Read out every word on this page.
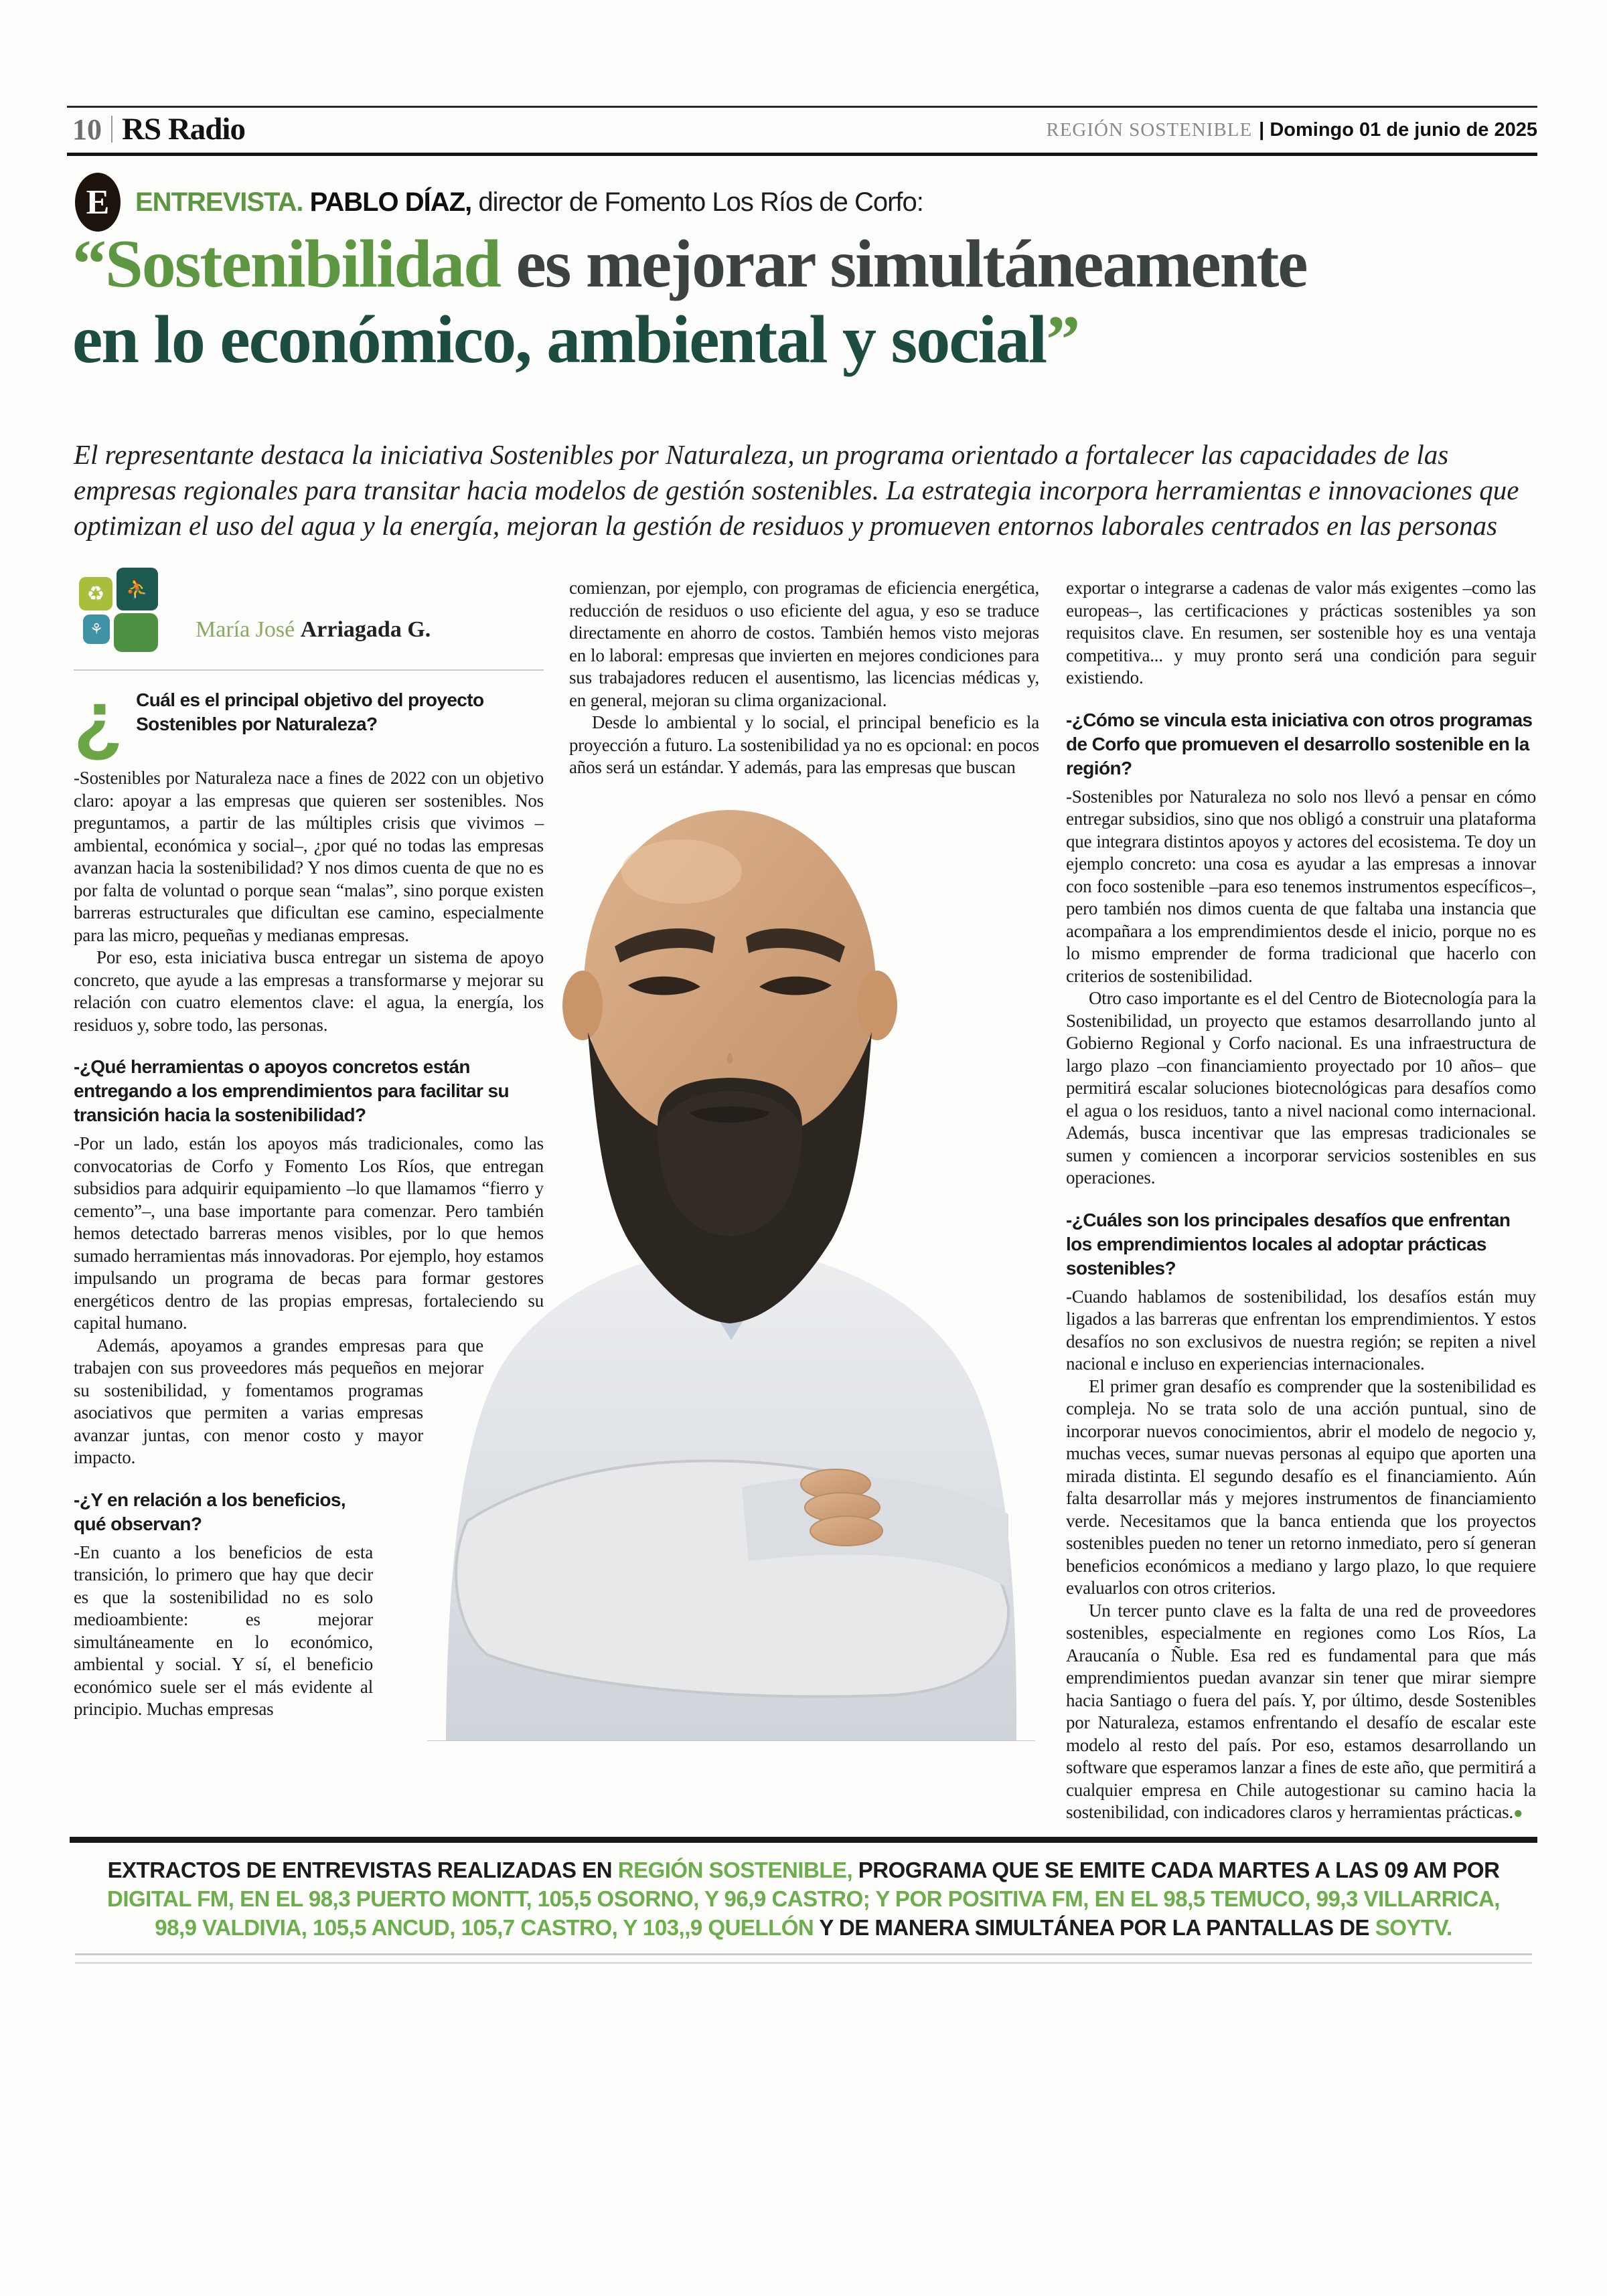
10 RS Radio	REGIÓN SOSTENIBLE | Domingo 01 de junio de 2025
E ENTREVISTA. PABLO DÍAZ, director de Fomento Los Ríos de Corfo:
“Sostenibilidad es mejorar simultáneamente
en lo económico, ambiental y social”

El representante destaca la iniciativa Sostenibles por Naturaleza, un programa orientado a fortalecer las capacidades de las empresas regionales para transitar hacia modelos de gestión sostenibles. La estrategia incorpora herramientas e innovaciones que optimizan el uso del agua y la energía, mejoran la gestión de residuos y promueven entornos laborales centrados en las personas

♻	⛹
⚘	María José Arriagada G.
¿ Cuál es el principal objetivo del proyecto Sostenibles por Naturaleza?

-Sostenibles por Naturaleza nace a fines de 2022 con un objetivo claro: apoyar a las empresas que quieren ser sostenibles. Nos preguntamos, a partir de las múltiples crisis que vivimos –ambiental, económica y social–, ¿por qué no todas las empresas avanzan hacia la sostenibilidad? Y nos dimos cuenta de que no es por falta de voluntad o porque sean “malas”, sino porque existen barreras estructurales que dificultan ese camino, especialmente para las micro, pequeñas y medianas empresas.

Por eso, esta iniciativa busca entregar un sistema de apoyo concreto, que ayude a las empresas a transformarse y mejorar su relación con cuatro elementos clave: el agua, la energía, los residuos y, sobre todo, las personas.

-¿Qué herramientas o apoyos concretos están entregando a los emprendimientos para facilitar su transición hacia la sostenibilidad?

-Por un lado, están los apoyos más tradicionales, como las convocatorias de Corfo y Fomento Los Ríos, que entregan subsidios para adquirir equipamiento –lo que llamamos “fierro y cemento”–, una base importante para comenzar. Pero también hemos detectado barreras menos visibles, por lo que hemos sumado herramientas más innovadoras. Por ejemplo, hoy estamos impulsando un programa de becas para formar gestores energéticos dentro de las propias empresas, fortaleciendo su capital humano.

Además, apoyamos a grandes empresas para que trabajen con sus proveedores más pequeños en mejorar su sostenibilidad, y fomentamos programas asociativos que permiten a varias empresas avanzar juntas, con menor costo y mayor impacto.

-¿Y en relación a los beneficios, qué observan?

-En cuanto a los beneficios de esta transición, lo primero que hay que decir es que la sostenibilidad no es solo medioambiente: es mejorar simultáneamente en lo económico, ambiental y social. Y sí, el beneficio económico suele ser el más evidente al principio. Muchas empresas

comienzan, por ejemplo, con programas de eficiencia energética, reducción de residuos o uso eficiente del agua, y eso se traduce directamente en ahorro de costos. También hemos visto mejoras en lo laboral: empresas que invierten en mejores condiciones para sus trabajadores reducen el ausentismo, las licencias médicas y, en general, mejoran su clima organizacional.

Desde lo ambiental y lo social, el principal beneficio es la proyección a futuro. La sostenibilidad ya no es opcional: en pocos años será un estándar. Y además, para las empresas que buscan

exportar o integrarse a cadenas de valor más exigentes –como las europeas–, las certificaciones y prácticas sostenibles ya son requisitos clave. En resumen, ser sostenible hoy es una ventaja competitiva... y muy pronto será una condición para seguir existiendo.

-¿Cómo se vincula esta iniciativa con otros programas de Corfo que promueven el desarrollo sostenible en la región?

-Sostenibles por Naturaleza no solo nos llevó a pensar en cómo entregar subsidios, sino que nos obligó a construir una plataforma que integrara distintos apoyos y actores del ecosistema. Te doy un ejemplo concreto: una cosa es ayudar a las empresas a innovar con foco sostenible –para eso tenemos instrumentos específicos–, pero también nos dimos cuenta de que faltaba una instancia que acompañara a los emprendimientos desde el inicio, porque no es lo mismo emprender de forma tradicional que hacerlo con criterios de sostenibilidad.

Otro caso importante es el del Centro de Biotecnología para la Sostenibilidad, un proyecto que estamos desarrollando junto al Gobierno Regional y Corfo nacional. Es una infraestructura de largo plazo –con financiamiento proyectado por 10 años– que permitirá escalar soluciones biotecnológicas para desafíos como el agua o los residuos, tanto a nivel nacional como internacional. Además, busca incentivar que las empresas tradicionales se sumen y comiencen a incorporar servicios sostenibles en sus operaciones.

-¿Cuáles son los principales desafíos que enfrentan los emprendimientos locales al adoptar prácticas sostenibles?

-Cuando hablamos de sostenibilidad, los desafíos están muy ligados a las barreras que enfrentan los emprendimientos. Y estos desafíos no son exclusivos de nuestra región; se repiten a nivel nacional e incluso en experiencias internacionales.

El primer gran desafío es comprender que la sostenibilidad es compleja. No se trata solo de una acción puntual, sino de incorporar nuevos conocimientos, abrir el modelo de negocio y, muchas veces, sumar nuevas personas al equipo que aporten una mirada distinta. El segundo desafío es el financiamiento. Aún falta desarrollar más y mejores instrumentos de financiamiento verde. Necesitamos que la banca entienda que los proyectos sostenibles pueden no tener un retorno inmediato, pero sí generan beneficios económicos a mediano y largo plazo, lo que requiere evaluarlos con otros criterios.

Un tercer punto clave es la falta de una red de proveedores sostenibles, especialmente en regiones como Los Ríos, La Araucanía o Ñuble. Esa red es fundamental para que más emprendimientos puedan avanzar sin tener que mirar siempre hacia Santiago o fuera del país. Y, por último, desde Sostenibles por Naturaleza, estamos enfrentando el desafío de escalar este modelo al resto del país. Por eso, estamos desarrollando un software que esperamos lanzar a fines de este año, que permitirá a cualquier empresa en Chile autogestionar su camino hacia la sostenibilidad, con indicadores claros y herramientas prácticas.●

EXTRACTOS DE ENTREVISTAS REALIZADAS EN REGIÓN SOSTENIBLE, PROGRAMA QUE SE EMITE CADA MARTES A LAS 09 AM POR DIGITAL FM, EN EL 98,3 PUERTO MONTT, 105,5 OSORNO, Y 96,9 CASTRO; Y POR POSITIVA FM, EN EL 98,5 TEMUCO, 99,3 VILLARRICA, 98,9 VALDIVIA, 105,5 ANCUD, 105,7 CASTRO, Y 103,,9 QUELLÓN Y DE MANERA SIMULTÁNEA POR LA PANTALLAS DE SOYTV.
